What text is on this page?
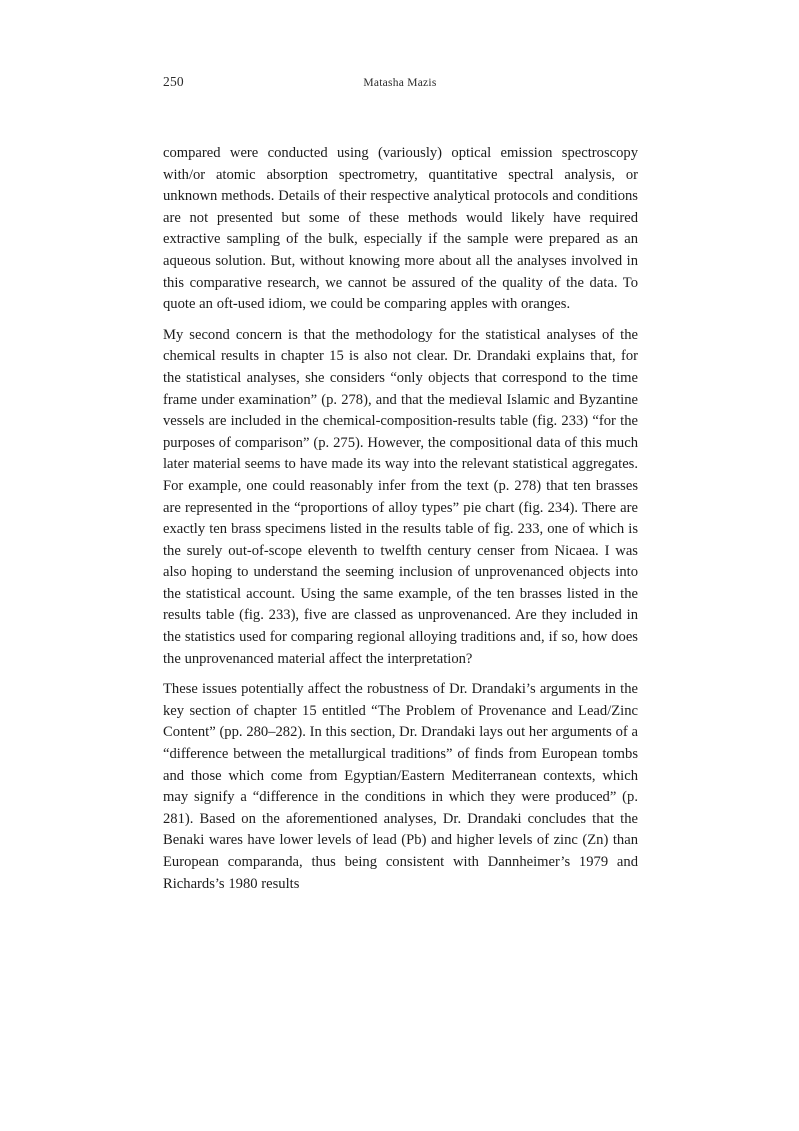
250	Matasha Mazis

compared were conducted using (variously) optical emission spectroscopy with/or atomic absorption spectrometry, quantitative spectral analysis, or unknown methods. Details of their respective analytical protocols and conditions are not presented but some of these methods would likely have required extractive sampling of the bulk, especially if the sample were prepared as an aqueous solution. But, without knowing more about all the analyses involved in this comparative research, we cannot be assured of the quality of the data. To quote an oft-used idiom, we could be comparing apples with oranges.

My second concern is that the methodology for the statistical analyses of the chemical results in chapter 15 is also not clear. Dr. Drandaki explains that, for the statistical analyses, she considers “only objects that correspond to the time frame under examination” (p. 278), and that the medieval Islamic and Byzantine vessels are included in the chemical-composition-results table (fig. 233) “for the purposes of comparison” (p. 275). However, the compositional data of this much later material seems to have made its way into the relevant statistical aggregates. For example, one could reasonably infer from the text (p. 278) that ten brasses are represented in the “proportions of alloy types” pie chart (fig. 234). There are exactly ten brass specimens listed in the results table of fig. 233, one of which is the surely out-of-scope eleventh to twelfth century censer from Nicaea. I was also hoping to understand the seeming inclusion of unprovenanced objects into the statistical account. Using the same example, of the ten brasses listed in the results table (fig. 233), five are classed as unprovenanced. Are they included in the statistics used for comparing regional alloying traditions and, if so, how does the unprovenanced material affect the interpretation?

These issues potentially affect the robustness of Dr. Drandaki’s arguments in the key section of chapter 15 entitled “The Problem of Provenance and Lead/Zinc Content” (pp. 280–282). In this section, Dr. Drandaki lays out her arguments of a “difference between the metallurgical traditions” of finds from European tombs and those which come from Egyptian/Eastern Mediterranean contexts, which may signify a “difference in the conditions in which they were produced” (p. 281). Based on the aforementioned analyses, Dr. Drandaki concludes that the Benaki wares have lower levels of lead (Pb) and higher levels of zinc (Zn) than European comparanda, thus being consistent with Dannheimer’s 1979 and Richards’s 1980 results
